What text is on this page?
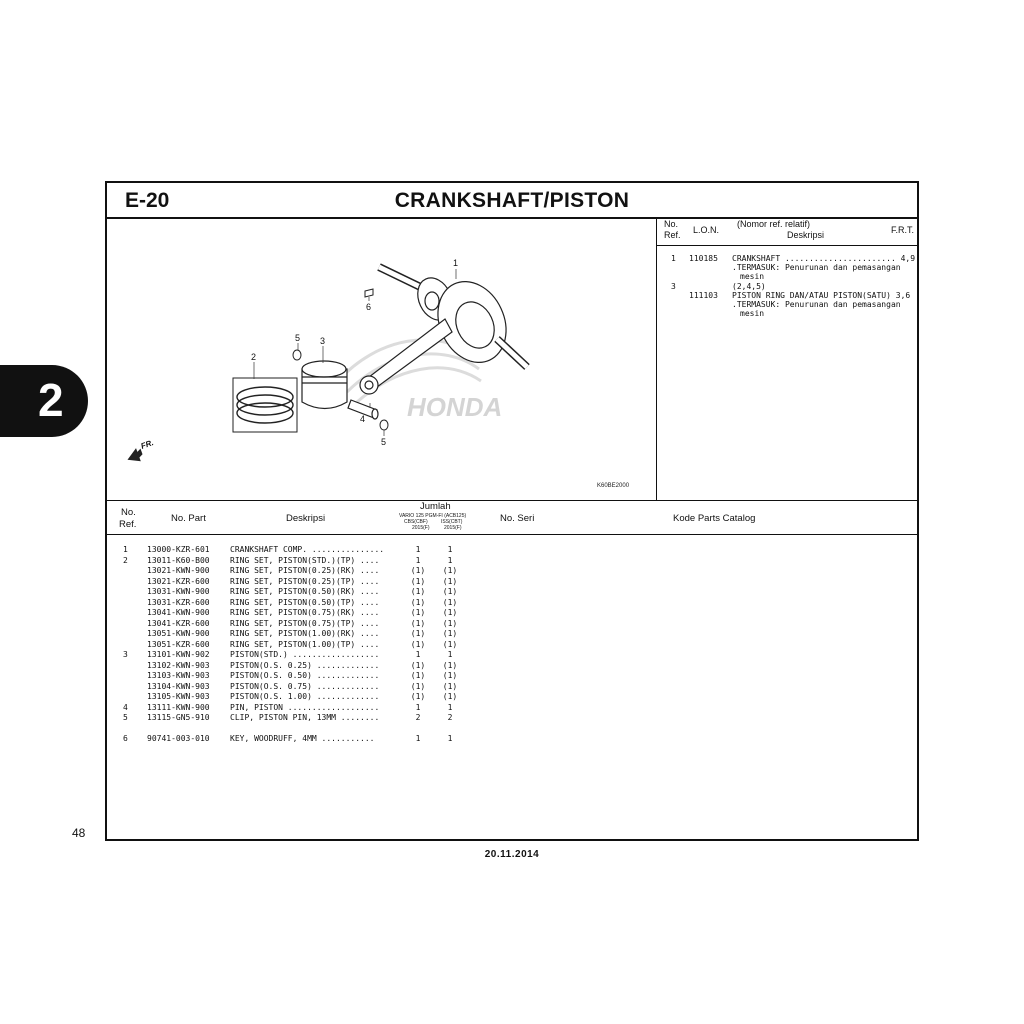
2
E-20	CRANKSHAFT/PISTON
HONDA
1
2
3
4
5
5
6
FR.
K60BE2000
No.
Ref. L.O.N.
(Nomor ref. relatif)
Deskripsi	F.R.T.
1 110185 CRANKSHAFT ....................... 4,9
.TERMASUK: Penurunan dan pemasangan
mesin
3	(2,4,5)
111103 PISTON RING DAN/ATAU PISTON(SATU) 3,6
.TERMASUK: Penurunan dan pemasangan
mesin
No.
Ref.
No. Part	Deskripsi
Jumlah
VARIO 125 PGM-FI (ACB125)
CBS(CBF)
2015(F)
ISS(CBT)
2015(F)
No. Seri	Kode Parts Catalog
1 13000-KZR-601	CRANKSHAFT COMP. ...............	1	1
2 13011-K60-B00	RING SET, PISTON(STD.)(TP) ....	1	1
13021-KWN-900	RING SET, PISTON(0.25)(RK) ....	(1)	(1)
13021-KZR-600	RING SET, PISTON(0.25)(TP) ....	(1)	(1)
13031-KWN-900	RING SET, PISTON(0.50)(RK) ....	(1)	(1)
13031-KZR-600	RING SET, PISTON(0.50)(TP) ....	(1)	(1)
13041-KWN-900	RING SET, PISTON(0.75)(RK) ....	(1)	(1)
13041-KZR-600	RING SET, PISTON(0.75)(TP) ....	(1)	(1)
13051-KWN-900	RING SET, PISTON(1.00)(RK) ....	(1)	(1)
13051-KZR-600	RING SET, PISTON(1.00)(TP) ....	(1)	(1)
3 13101-KWN-902	PISTON(STD.) ..................	1	1
13102-KWN-903	PISTON(O.S. 0.25) .............	(1)	(1)
13103-KWN-903	PISTON(O.S. 0.50) .............	(1)	(1)
13104-KWN-903	PISTON(O.S. 0.75) .............	(1)	(1)
13105-KWN-903	PISTON(O.S. 1.00) .............	(1)	(1)
4 13111-KWN-900	PIN, PISTON ...................	1	1
5 13115-GN5-910	CLIP, PISTON PIN, 13MM ........	2	2
6 90741-003-010	KEY, WOODRUFF, 4MM ...........	1	1
48
20.11.2014
